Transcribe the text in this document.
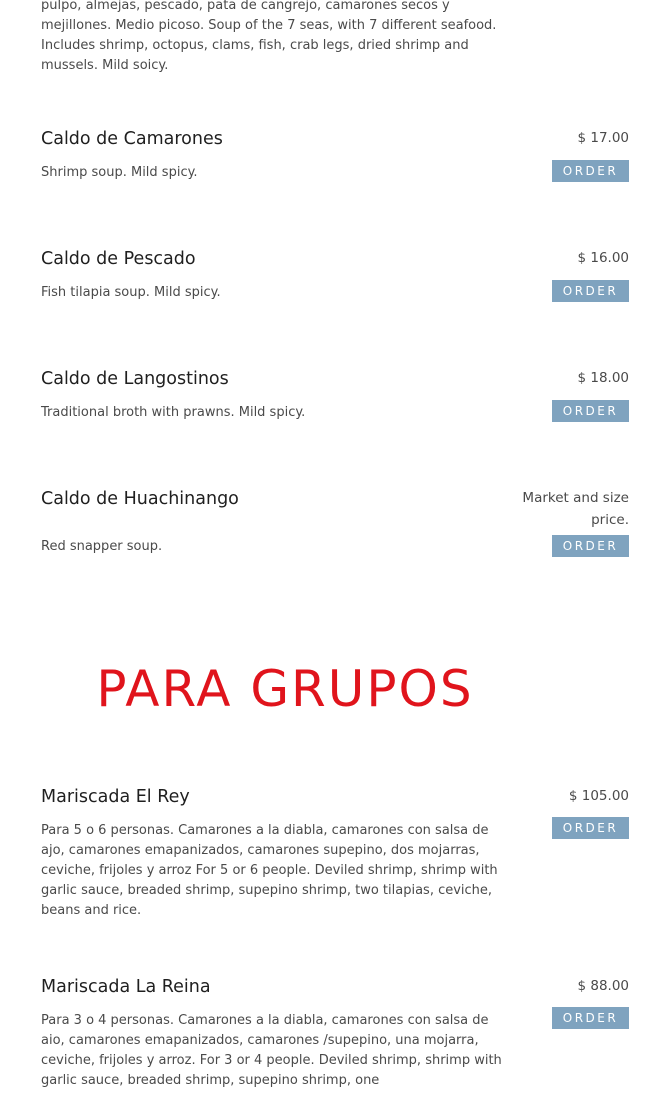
pulpo, almejas, pescado, pata de cangrejo, camarones secos y mejillones. Medio picoso. Soup of the 7 seas, with 7 different seafood. Includes shrimp, octopus, clams, fish, crab legs, dried shrimp and mussels. Mild soicy.

Caldo de Camarones	$ 17.00
Shrimp soup. Mild spicy.	ORDER
Caldo de Pescado	$ 16.00
Fish tilapia soup. Mild spicy.	ORDER
Caldo de Langostinos	$ 18.00
Traditional broth with prawns. Mild spicy.	ORDER
Caldo de Huachinango	Market and size price.
Red snapper soup.	ORDER
PARA GRUPOS
Mariscada El Rey	$ 105.00
Para 5 o 6 personas. Camarones a la diabla, camarones con salsa de ajo, camarones emapanizados, camarones supepino, dos mojarras, ceviche, frijoles y arroz For 5 or 6 people. Deviled shrimp, shrimp with garlic sauce, breaded shrimp, supepino shrimp, two tilapias, ceviche, beans and rice.
ORDER
Mariscada La Reina	$ 88.00
Para 3 o 4 personas. Camarones a la diabla, camarones con salsa de aio, camarones emapanizados, camarones /supepino, una mojarra, ceviche, frijoles y arroz. For 3 or 4 people. Deviled shrimp, shrimp with garlic sauce, breaded shrimp, supepino shrimp, one
ORDER
